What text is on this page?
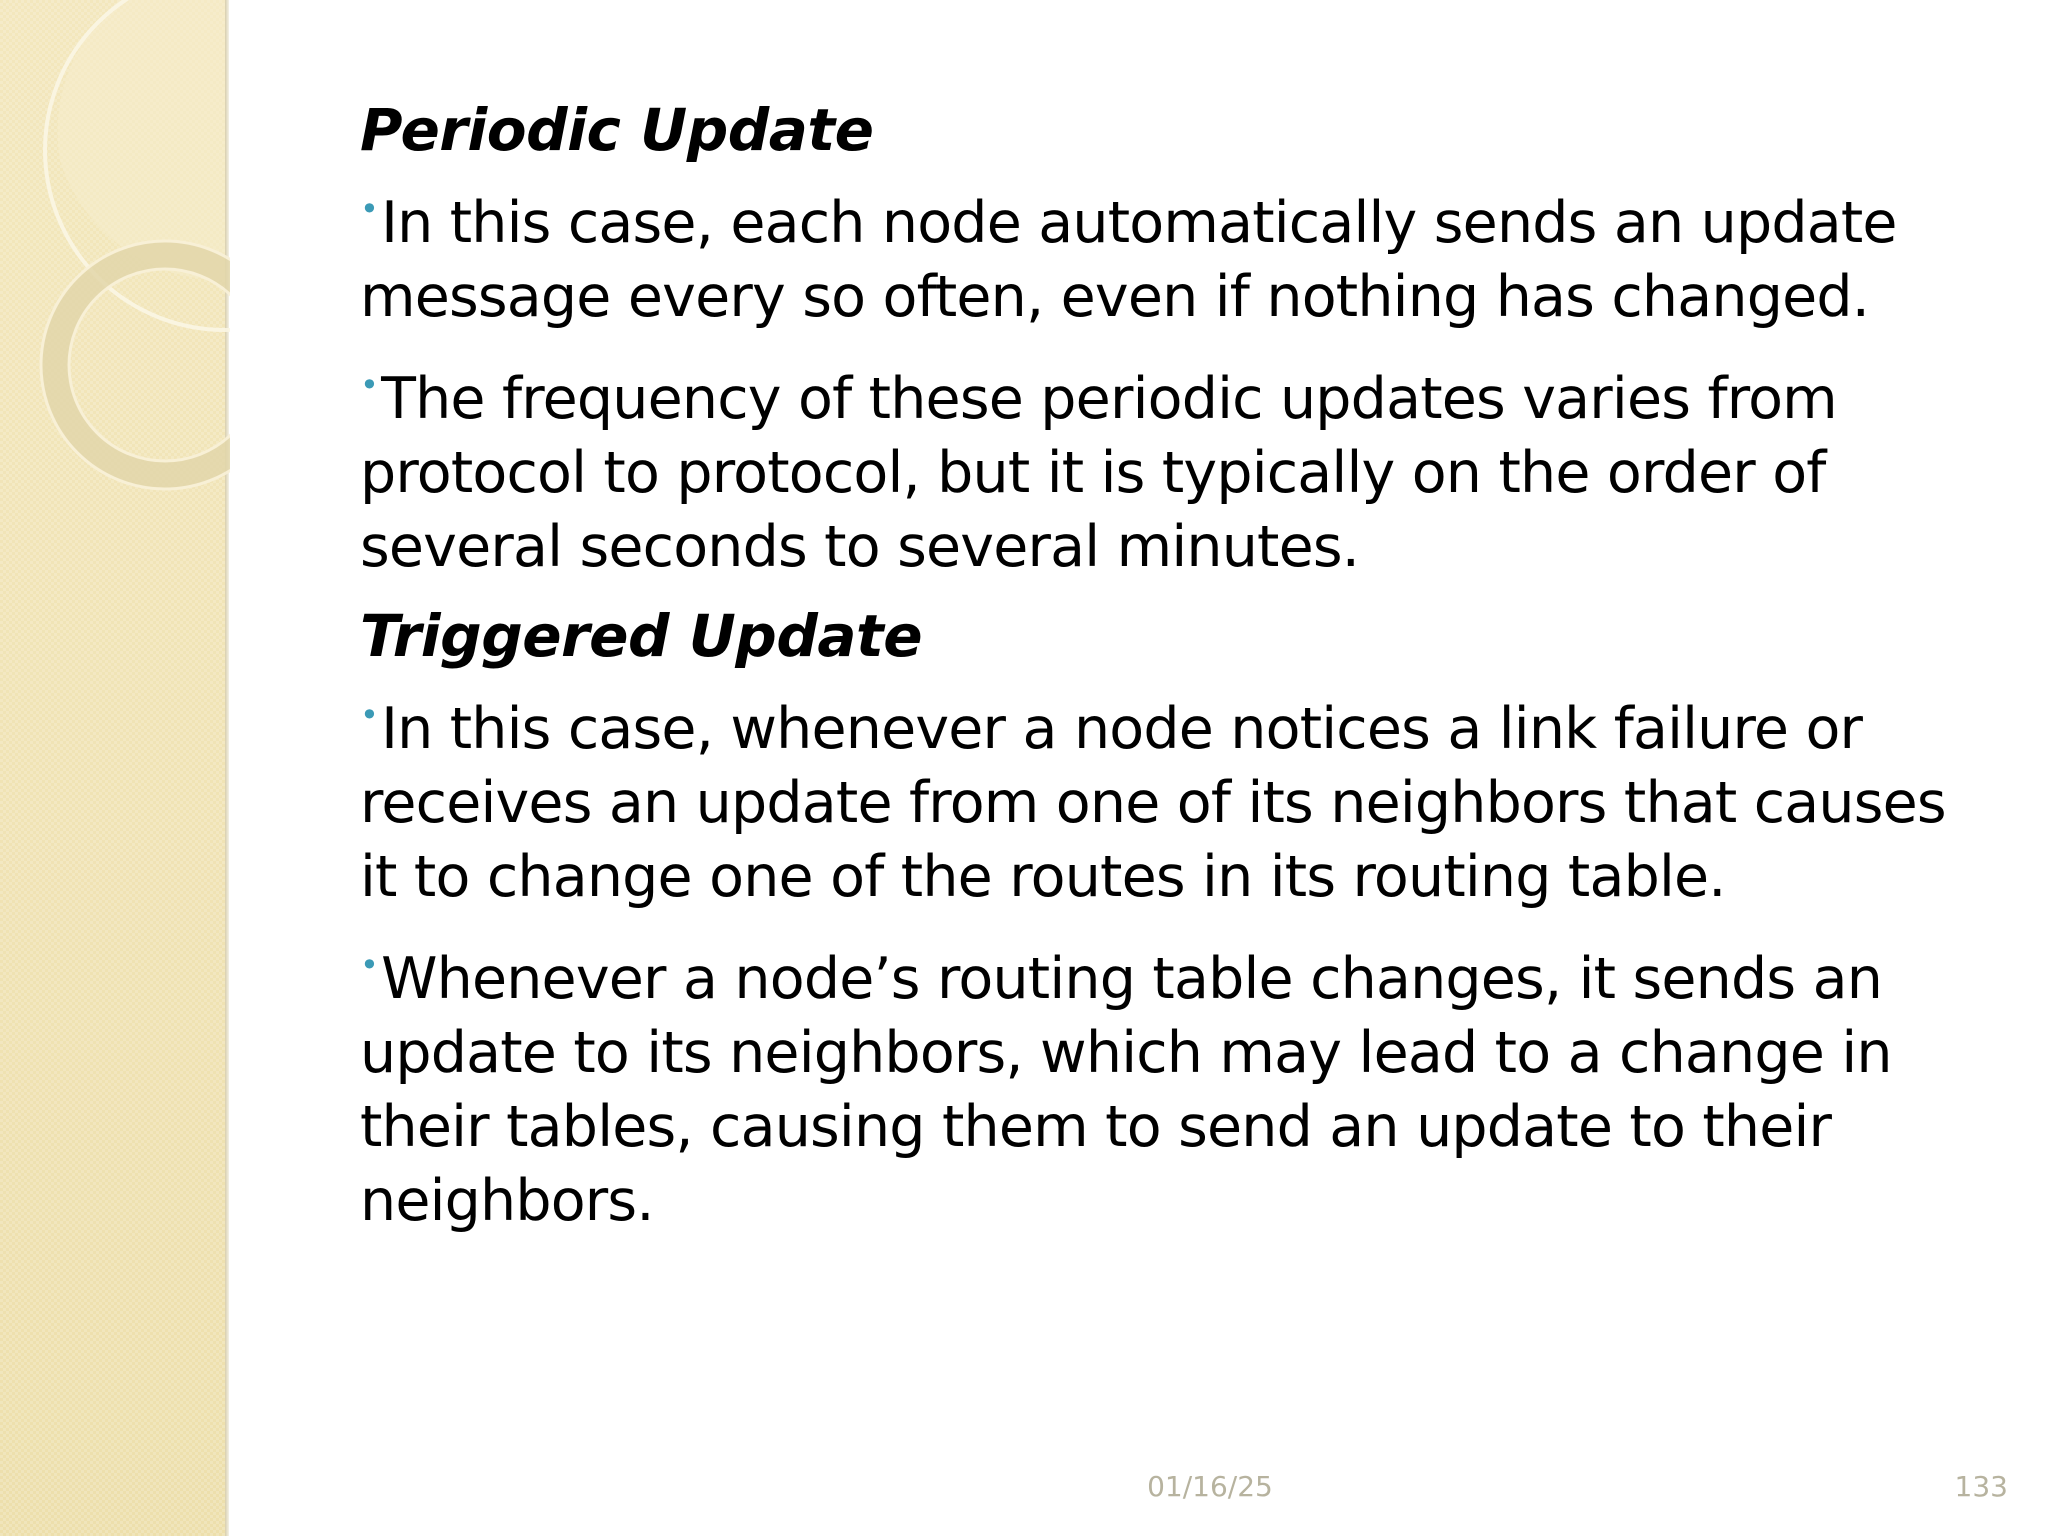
Periodic Update
•In this case, each node automatically sends an update message every so often, even if nothing has changed.
•The frequency of these periodic updates varies from protocol to protocol, but it is typically on the order of several seconds to several minutes.
Triggered Update
•In this case, whenever a node notices a link failure or receives an update from one of its neighbors that causes it to change one of the routes in its routing table.
•Whenever a node’s routing table changes, it sends an update to its neighbors, which may lead to a change in their tables, causing them to send an update to their neighbors.
01/16/25	133
